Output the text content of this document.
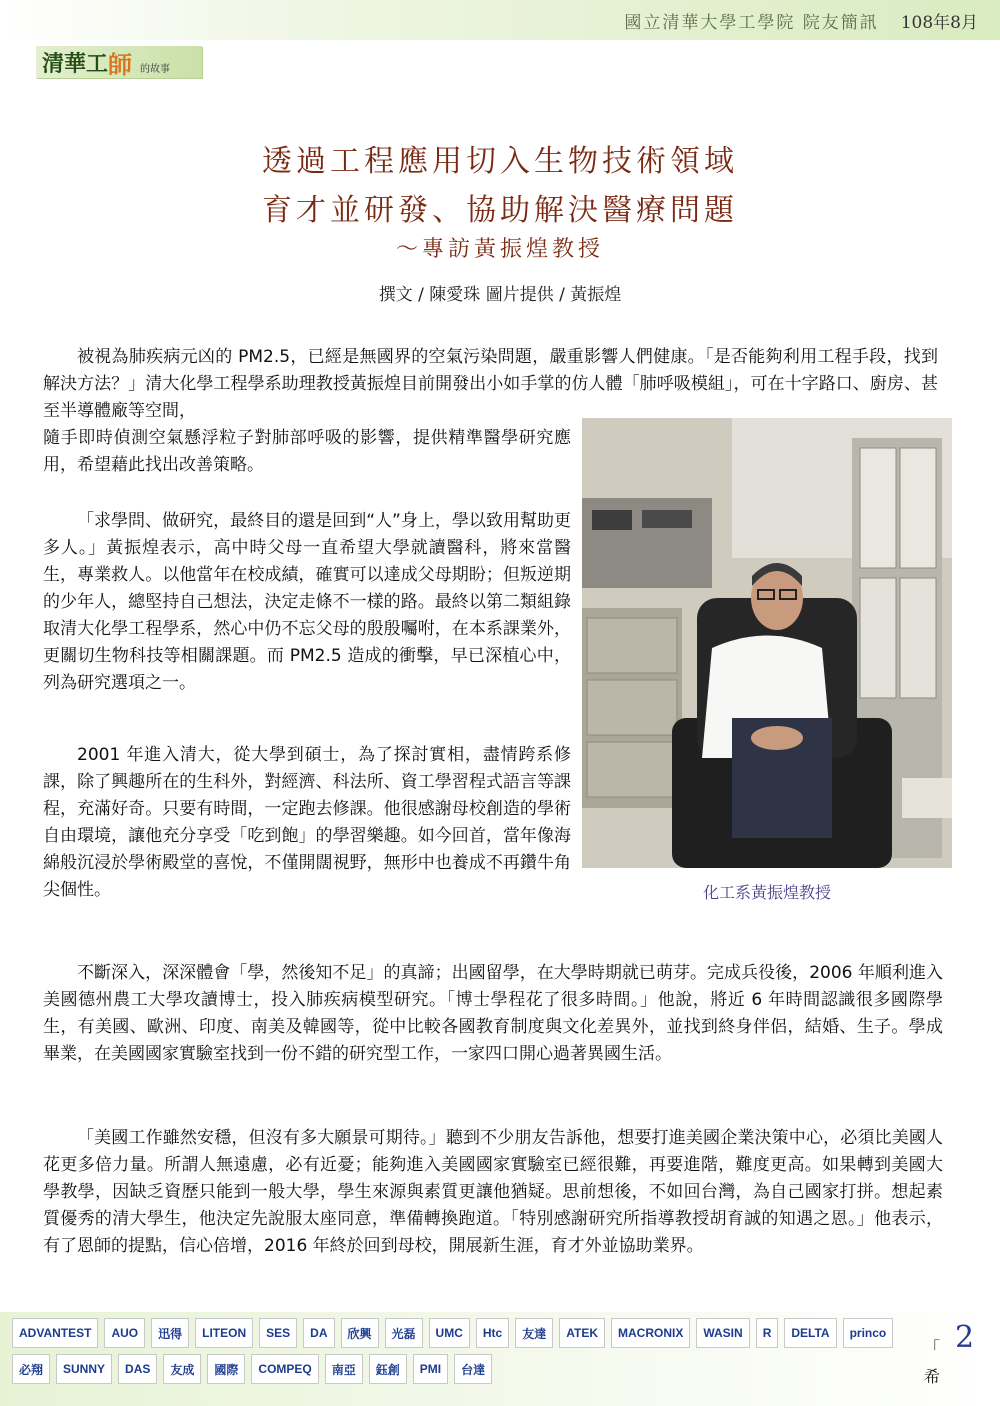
國立清華大學工學院 院友簡訊 108年8月
清華工 師 的故事
透過工程應用切入生物技術領域
育才並研發、協助解決醫療問題
～專訪黃振煌教授
撰文 / 陳愛珠 圖片提供 / 黃振煌

被視為肺疾病元凶的 PM2.5，已經是無國界的空氣污染問題，嚴重影響人們健康。「是否能夠利用工程手段，找到解決方法？」清大化學工程學系助理教授黃振煌目前開發出小如手掌的仿人體「肺呼吸模組」，可在十字路口、廚房、甚至半導體廠等空間，

隨手即時偵測空氣懸浮粒子對肺部呼吸的影響，提供精準醫學研究應用，希望藉此找出改善策略。

「求學問、做研究，最終目的還是回到“人”身上，學以致用幫助更多人。」黃振煌表示，高中時父母一直希望大學就讀醫科，將來當醫生，專業救人。以他當年在校成績，確實可以達成父母期盼；但叛逆期的少年人，總堅持自己想法，決定走條不一樣的路。最終以第二類組錄取清大化學工程學系，然心中仍不忘父母的殷殷囑咐，在本系課業外，更關切生物科技等相關課題。而 PM2.5 造成的衝擊，早已深植心中，列為研究選項之一。

2001 年進入清大，從大學到碩士，為了探討實相，盡情跨系修課，除了興趣所在的生科外，對經濟、科法所、資工學習程式語言等課程，充滿好奇。只要有時間，一定跑去修課。他很感謝母校創造的學術自由環境，讓他充分享受「吃到飽」的學習樂趣。如今回首，當年像海綿般沉浸於學術殿堂的喜悅，不僅開闊視野，無形中也養成不再鑽牛角尖個性。	化工系黃振煌教授

不斷深入，深深體會「學，然後知不足」的真諦；出國留學，在大學時期就已萌芽。完成兵役後，2006 年順利進入美國德州農工大學攻讀博士，投入肺疾病模型研究。「博士學程花了很多時間。」他說，將近 6 年時間認識很多國際學生，有美國、歐洲、印度、南美及韓國等，從中比較各國教育制度與文化差異外，並找到終身伴侶，結婚、生子。學成畢業，在美國國家實驗室找到一份不錯的研究型工作，一家四口開心過著異國生活。

「美國工作雖然安穩，但沒有多大願景可期待。」聽到不少朋友告訴他，想要打進美國企業決策中心，必須比美國人花更多倍力量。所謂人無遠慮，必有近憂；能夠進入美國國家實驗室已經很難，再要進階，難度更高。如果轉到美國大學教學，因缺乏資歷只能到一般大學，學生來源與素質更讓他猶疑。思前想後，不如回台灣，為自己國家打拼。想起素質優秀的清大學生，他決定先說服太座同意，準備轉換跑道。「特別感謝研究所指導教授胡育誠的知遇之恩。」他表示，有了恩師的提點，信心倍增，2016 年終於回到母校，開展新生涯，育才外並協助業界。

ADVANTEST	AUO	迅得	LITEON	SES	DA	欣興	光磊	UMC	Htc	友達	ATEK	MACRONIX	WASIN	R	DELTA	princo
必翔	SUNNY	DAS	友成	國際	COMPEQ	南亞	鈺創	PMI	台達
「
希
2
